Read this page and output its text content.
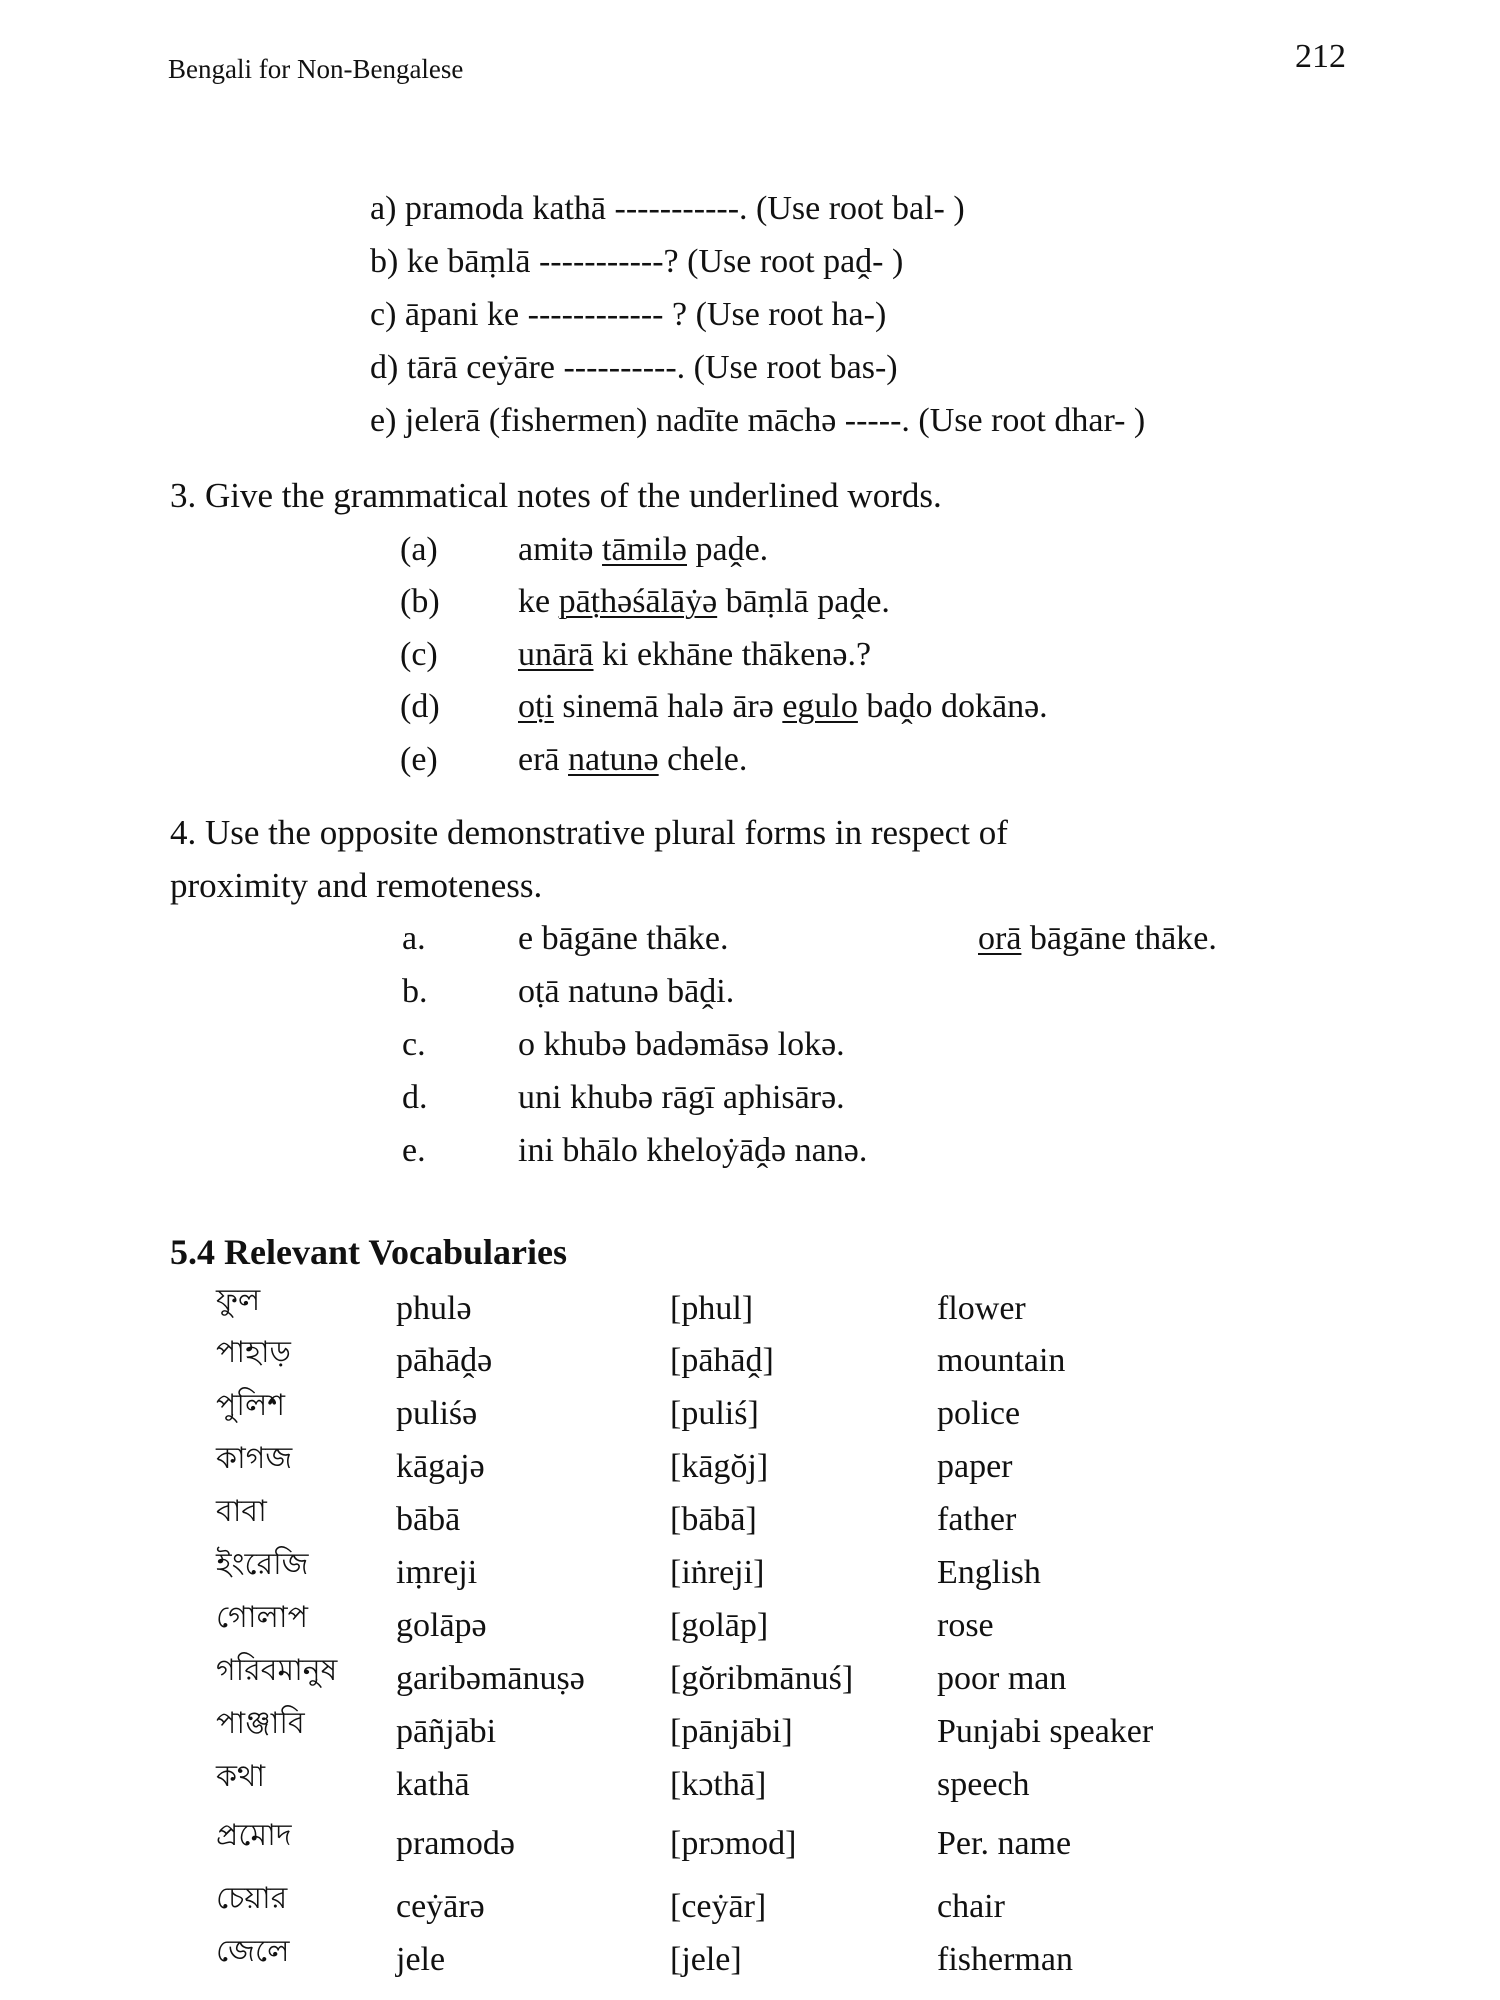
Bengali for Non-Bengalese	212
a) pramoda kathā -----------. (Use root bal- )
b) ke bāṃlā -----------? (Use root paḓ- )
c) āpani ke ------------ ? (Use root ha-)
d) tārā ceẏāre ----------. (Use root bas-)
e) jelerā (fishermen) nadīte māchə -----. (Use root dhar- )
3. Give the grammatical notes of the underlined words.
(a) amitə tāmilə paḓe.
(b) ke pāṭhəśālāẏə bāṃlā paḓe.
(c) unārā ki ekhāne thākenə.?
(d) oṭi sinemā halə ārə egulo baḓo dokānə.
(e) erā natunə chele.
4. Use the opposite demonstrative plural forms in respect of
proximity and remoteness.
a.	e bāgāne thāke.	orā bāgāne thāke.
b.	oṭā natunə bāḓi.
c.	o khubə badəmāsə lokə.
d.	uni khubə rāgī aphisārə.
e.	ini bhālo kheloẏāḓə nanə.
5.4 Relevant Vocabularies
ফুল	phulə	[phul]	flower
পাহাড়	pāhāḓə	[pāhāḓ]	mountain
পুলিশ	puliśə	[puliś]	police
কাগজ	kāgajə	[kāgŏj]	paper
বাবা	bābā	[bābā]	father
ইংরেজি	iṃreji	[iṅreji]	English
গোলাপ	golāpə	[golāp]	rose
গরিবমানুষ garibəmānuṣə	[gŏribmānuś] poor man
পাঞ্জাবি	pāñjābi	[pānjābi]	Punjabi speaker
কথা	kathā	[kɔthā]	speech
প্রমোদ	pramodə	[prɔmod]	Per. name
চেয়ার	ceẏārə	[ceẏār]	chair
জেলে	jele	[jele]	fisherman
